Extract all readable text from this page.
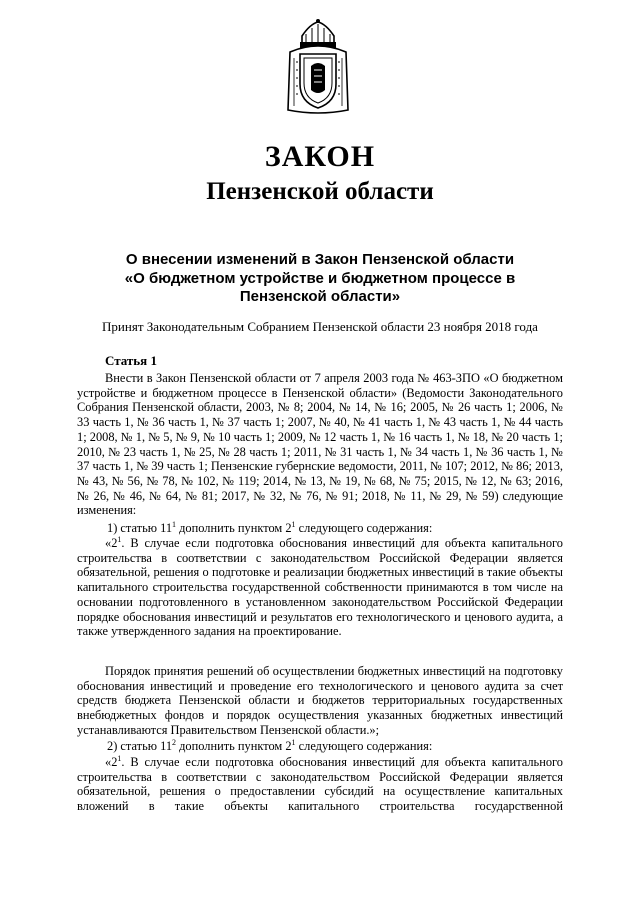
ЗАКОН
Пензенской области

О внесении изменений в Закон Пензенской области
«О бюджетном устройстве и бюджетном процессе в
Пензенской области»

Принят Законодательным Собранием Пензенской области 23 ноября 2018 года

Статья 1

Внести в Закон Пензенской области от 7 апреля 2003 года № 463-ЗПО «О бюджетном устройстве и бюджетном процессе в Пензенской области» (Ведомости Законодательного Собрания Пензенской области, 2003, № 8; 2004, № 14, № 16; 2005, № 26 часть 1; 2006, № 33 часть 1, № 36 часть 1, № 37 часть 1; 2007, № 40, № 41 часть 1, № 43 часть 1, № 44 часть 1; 2008, № 1, № 5, № 9, № 10 часть 1; 2009, № 12 часть 1, № 16 часть 1, № 18, № 20 часть 1; 2010, № 23 часть 1, № 25, № 28 часть 1; 2011, № 31 часть 1, № 34 часть 1, № 36 часть 1, № 37 часть 1, № 39 часть 1; Пензенские губернские ведомости, 2011, № 107; 2012, № 86; 2013, № 43, № 56, № 78, № 102, № 119; 2014, № 13, № 19, № 68, № 75; 2015, № 12, № 63; 2016, № 26, № 46, № 64, № 81; 2017, № 32, № 76, № 91; 2018, № 11, № 29, № 59) следующие изменения:

1) статью $11^1$ дополнить пунктом $2^1$ следующего содержания:

«$2^1$. В случае если подготовка обоснования инвестиций для объекта капитального строительства в соответствии с законодательством Российской Федерации является обязательной, решения о подготовке и реализации бюджетных инвестиций в такие объекты капитального строительства государственной собственности принимаются в том числе на основании подготовленного в установленном законодательством Российской Федерации порядке обоснования инвестиций и результатов его технологического и ценового аудита, а также утвержденного задания на проектирование.

Порядок принятия решений об осуществлении бюджетных инвестиций на подготовку обоснования инвестиций и проведение его технологического и ценового аудита за счет средств бюджета Пензенской области и бюджетов территориальных государственных внебюджетных фондов и порядок осуществления указанных бюджетных инвестиций устанавливаются Правительством Пензенской области.»;

2) статью $11^2$ дополнить пунктом $2^1$ следующего содержания:

«$2^1$. В случае если подготовка обоснования инвестиций для объекта капитального строительства в соответствии с законодательством Российской Федерации является обязательной, решения о предоставлении субсидий на осуществление капитальных вложений в такие объекты капитального строительства государственной
